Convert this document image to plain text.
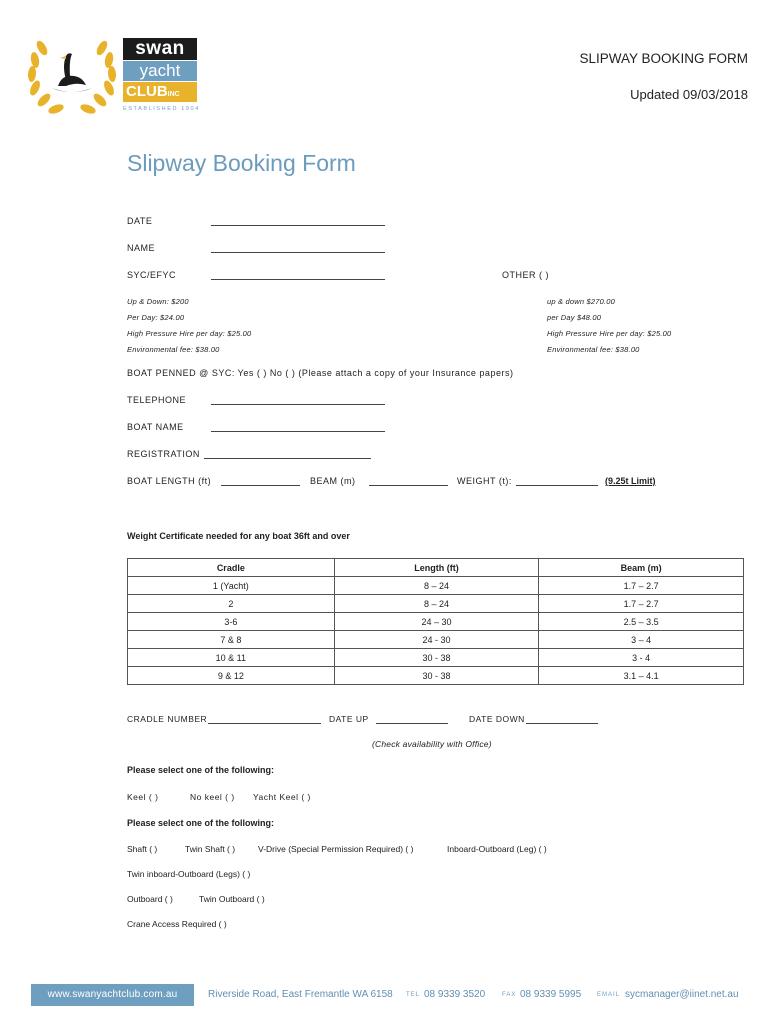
swan
yacht
CLUBINC
ESTABLISHED 1904
SLIPWAY BOOKING FORM
Updated 09/03/2018
Slipway Booking Form
DATE
NAME
SYC/EFYC	OTHER ( )
Up & Down: $200
Per Day: $24.00
High Pressure Hire per day: $25.00
Environmental fee: $38.00
up & down $270.00
per Day $48.00
High Pressure Hire per day: $25.00
Environmental fee: $38.00
BOAT PENNED @ SYC: Yes ( ) No ( ) (Please attach a copy of your Insurance papers)
TELEPHONE
BOAT NAME
REGISTRATION
BOAT LENGTH (ft)	BEAM (m)	WEIGHT (t):	(9.25t Limit)
Weight Certificate needed for any boat 36ft and over
Cradle	Length (ft)	Beam (m)
1 (Yacht)	8 – 24	1.7 – 2.7
2	8 – 24	1.7 – 2.7
3-6	24 – 30	2.5 – 3.5
7 & 8	24 - 30	3 – 4
10 & 11	30 - 38	3 - 4
9 & 12	30 - 38	3.1 – 4.1
CRADLE NUMBER	DATE UP	DATE DOWN
(Check availability with Office)
Please select one of the following:
Keel ( )	No keel ( ) Yacht Keel ( )
Please select one of the following:
Shaft ( )	Twin Shaft ( )	V-Drive (Special Permission Required) ( )	Inboard-Outboard (Leg) ( )
Twin inboard-Outboard (Legs) ( )
Outboard ( )	Twin Outboard ( )
Crane Access Required ( )
www.swanyachtclub.com.au	Riverside Road, East Fremantle WA 6158 TEL 08 9339 3520	FAX 08 9339 5995	EMAIL sycmanager@iinet.net.au
